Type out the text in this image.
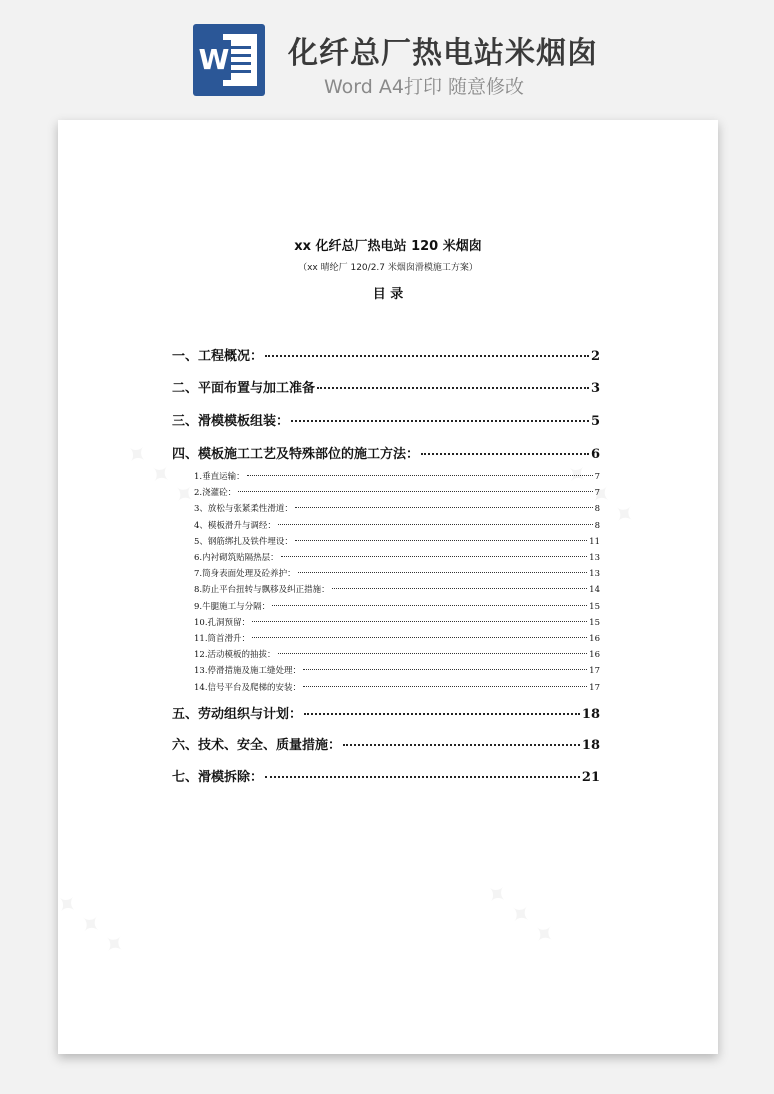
W 化纤总厂热电站米烟囱
Word A4打印 随意修改
xx 化纤总厂热电站 120 米烟囱
（xx 晴纶厂 120/2.7 米烟囱滑模施工方案）
目 录
一、工程概况：	2
二、平面布置与加工准备	3
三、滑模模板组装：	5
四、模板施工工艺及特殊部位的施工方法：	6
1.垂直运输：	7
2.浇灌砼：	7
3、放松与张紧柔性滑道：	8
4、模板滑升与调经：	8
5、钢筋绑扎及铁件埋设：	11
6.内衬砌筑贴隔热层：	13
7.筒身表面处理及砼养护：	13
8.防止平台扭转与飘移及纠正措施：	14
9.牛腿施工与分隔：	15
10.孔洞预留：	15
11.筒首滑升：	16
12.活动模板的抽拔：	16
13.停滑措施及施工缝处理：	17
14.信号平台及爬梯的安装：	17
五、劳动组织与计划：	18
六、技术、安全、质量措施：	18
七、滑模拆除：	21
